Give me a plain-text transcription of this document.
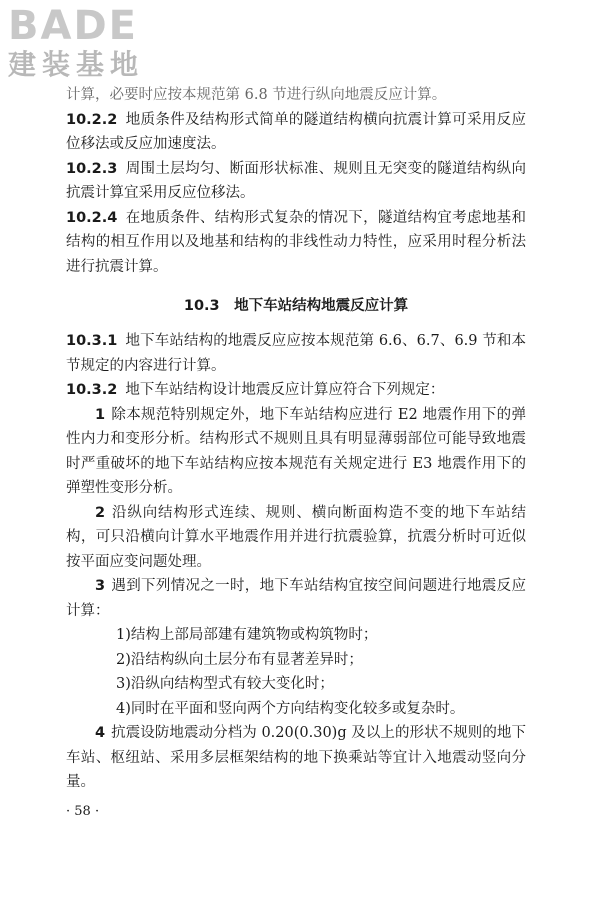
BADE
建装基地

计算，必要时应按本规范第 6.8 节进行纵向地震反应计算。

10.2.2 地质条件及结构形式简单的隧道结构横向抗震计算可采用反应位移法或反应加速度法。

10.2.3 周围土层均匀、断面形状标准、规则且无突变的隧道结构纵向抗震计算宜采用反应位移法。

10.2.4 在地质条件、结构形式复杂的情况下，隧道结构宜考虑地基和结构的相互作用以及地基和结构的非线性动力特性，应采用时程分析法进行抗震计算。

10.3　地下车站结构地震反应计算

10.3.1 地下车站结构的地震反应应按本规范第 6.6、6.7、6.9 节和本节规定的内容进行计算。

10.3.2 地下车站结构设计地震反应计算应符合下列规定：

1 除本规范特别规定外，地下车站结构应进行 E2 地震作用下的弹性内力和变形分析。结构形式不规则且具有明显薄弱部位可能导致地震时严重破坏的地下车站结构应按本规范有关规定进行 E3 地震作用下的弹塑性变形分析。

2 沿纵向结构形式连续、规则、横向断面构造不变的地下车站结构，可只沿横向计算水平地震作用并进行抗震验算，抗震分析时可近似按平面应变问题处理。

3 遇到下列情况之一时，地下车站结构宜按空间问题进行地震反应计算：

1)结构上部局部建有建筑物或构筑物时；

2)沿结构纵向土层分布有显著差异时；

3)沿纵向结构型式有较大变化时；

4)同时在平面和竖向两个方向结构变化较多或复杂时。

4 抗震设防地震动分档为 0.20(0.30)g 及以上的形状不规则的地下车站、枢纽站、采用多层框架结构的地下换乘站等宜计入地震动竖向分量。

· 58 ·
